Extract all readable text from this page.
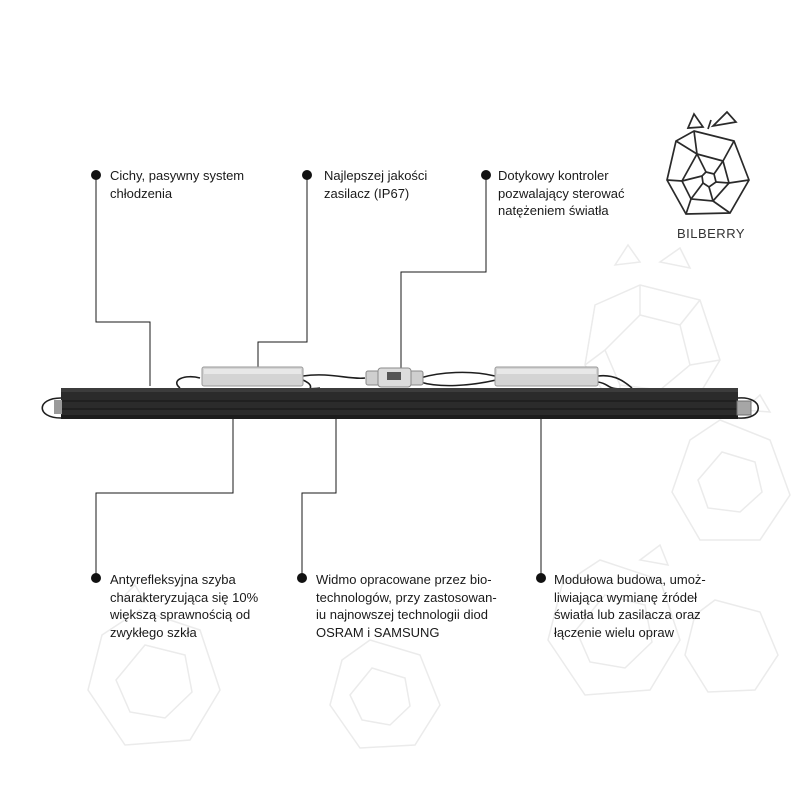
Cichy, pasywny system
chłodzenia
Najlepszej jakości
zasilacz (IP67)
Dotykowy kontroler
pozwalający sterować
natężeniem światła
Antyrefleksyjna szyba
charakteryzująca się 10%
większą sprawnością od
zwykłego szkła
Widmo opracowane przez bio-
technologów, przy zastosowan-
iu najnowszej technologii diod
OSRAM i SAMSUNG
Modułowa budowa, umoż-
liwiająca wymianę źródeł
światła lub zasilacza oraz
łączenie wielu opraw
BILBERRY
